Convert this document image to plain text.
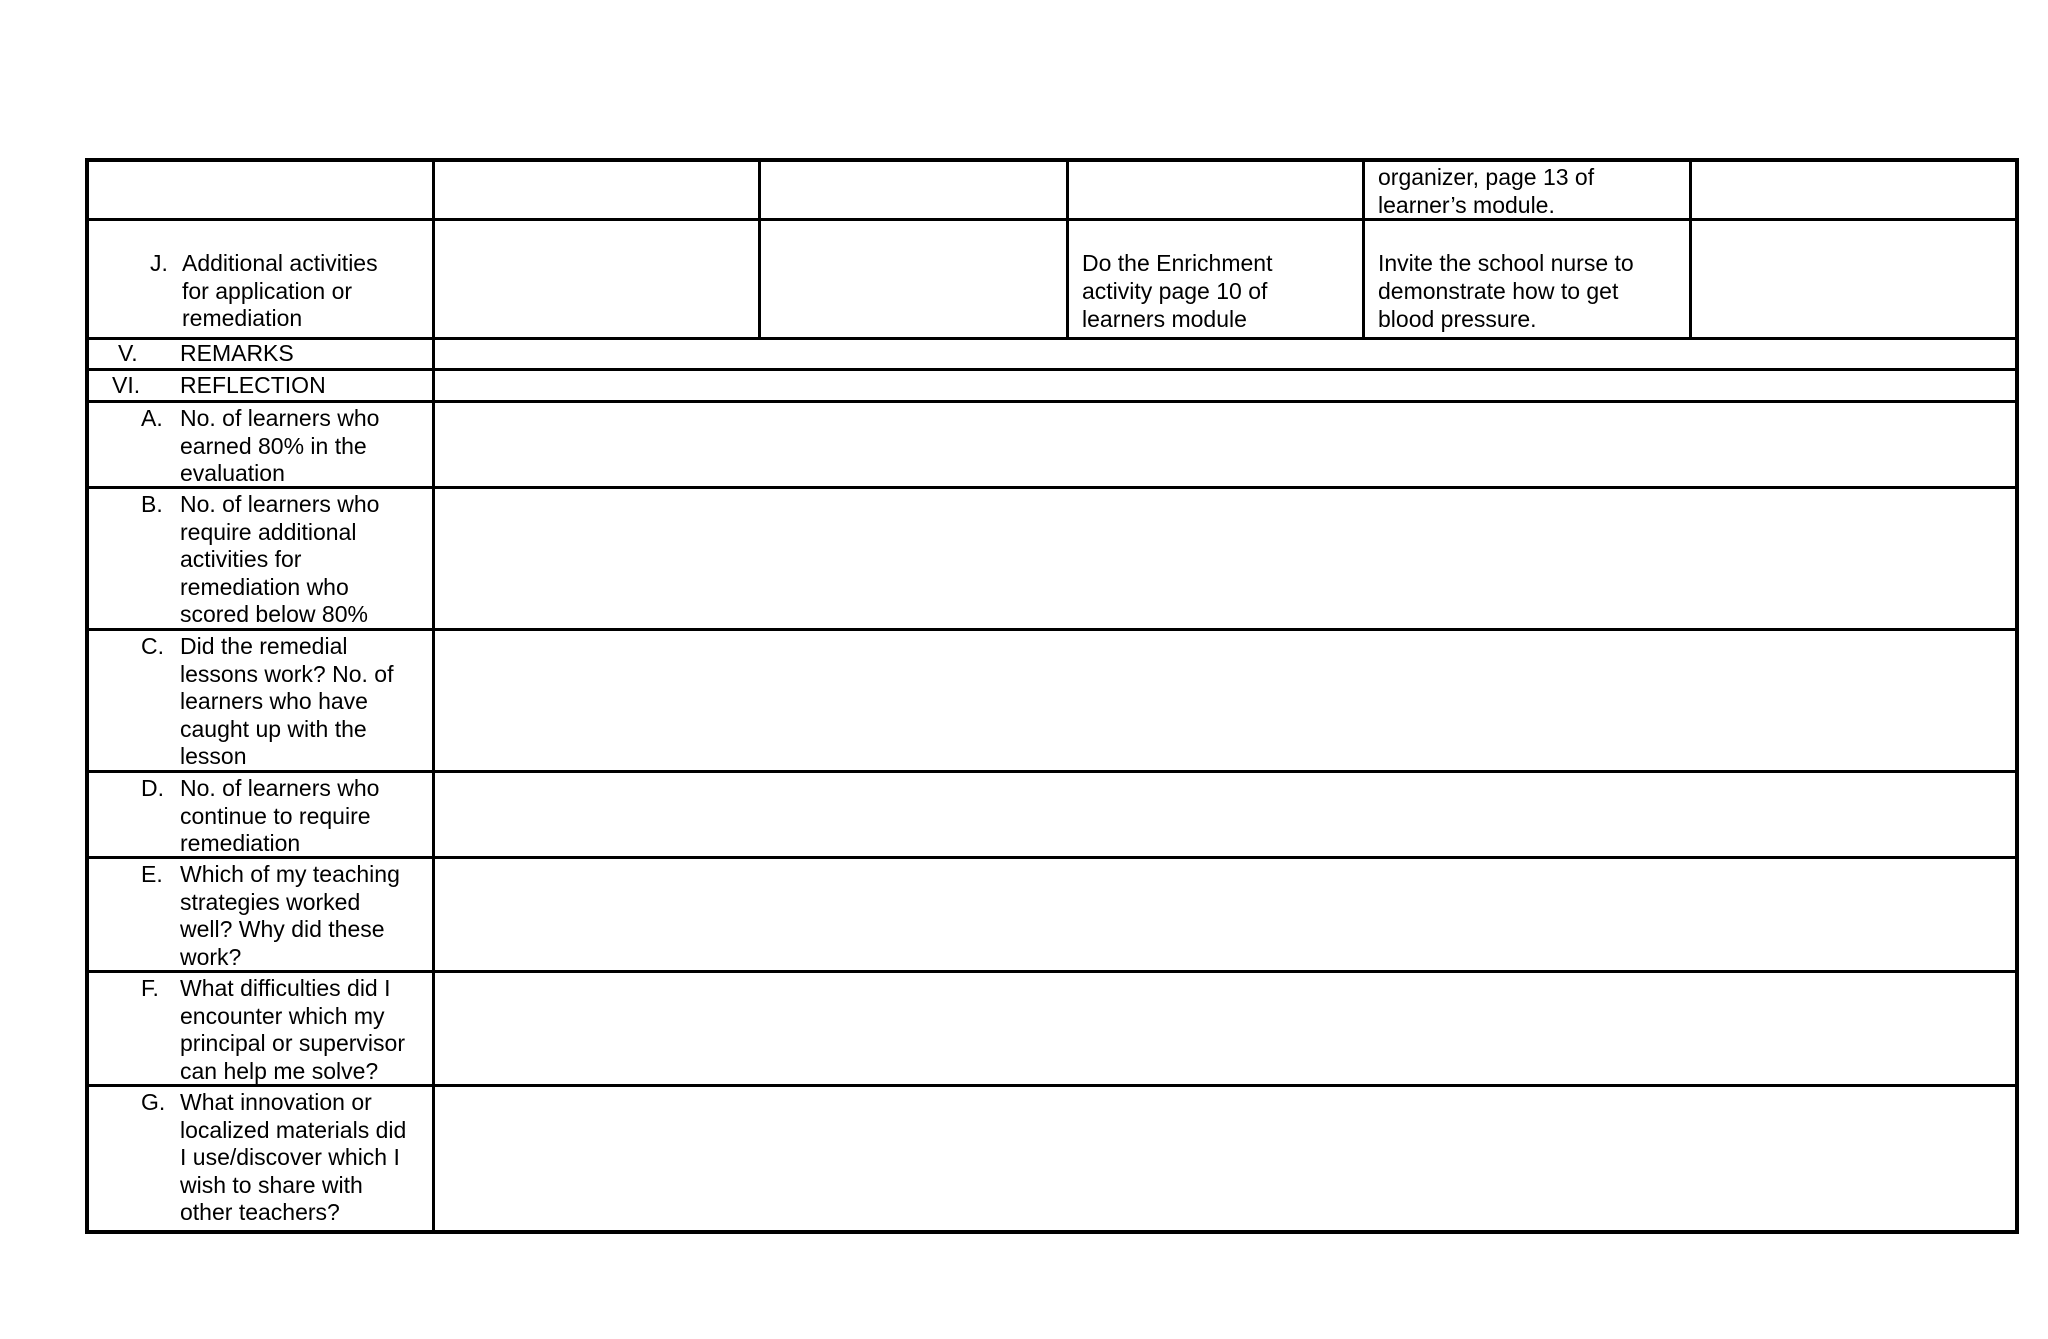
organizer, page 13 of
learner’s module.
J. Additional activities
for application or
remediation
Do the Enrichment
activity page 10 of
learners module
Invite the school nurse to
demonstrate how to get
blood pressure.
V. REMARKS
VI. REFLECTION
A. No. of learners who
earned 80% in the
evaluation
B. No. of learners who
require additional
activities for
remediation who
scored below 80%
C. Did the remedial
lessons work? No. of
learners who have
caught up with the
lesson
D. No. of learners who
continue to require
remediation
E. Which of my teaching
strategies worked
well? Why did these
work?
F. What difficulties did I
encounter which my
principal or supervisor
can help me solve?
G. What innovation or
localized materials did
I use/discover which I
wish to share with
other teachers?
